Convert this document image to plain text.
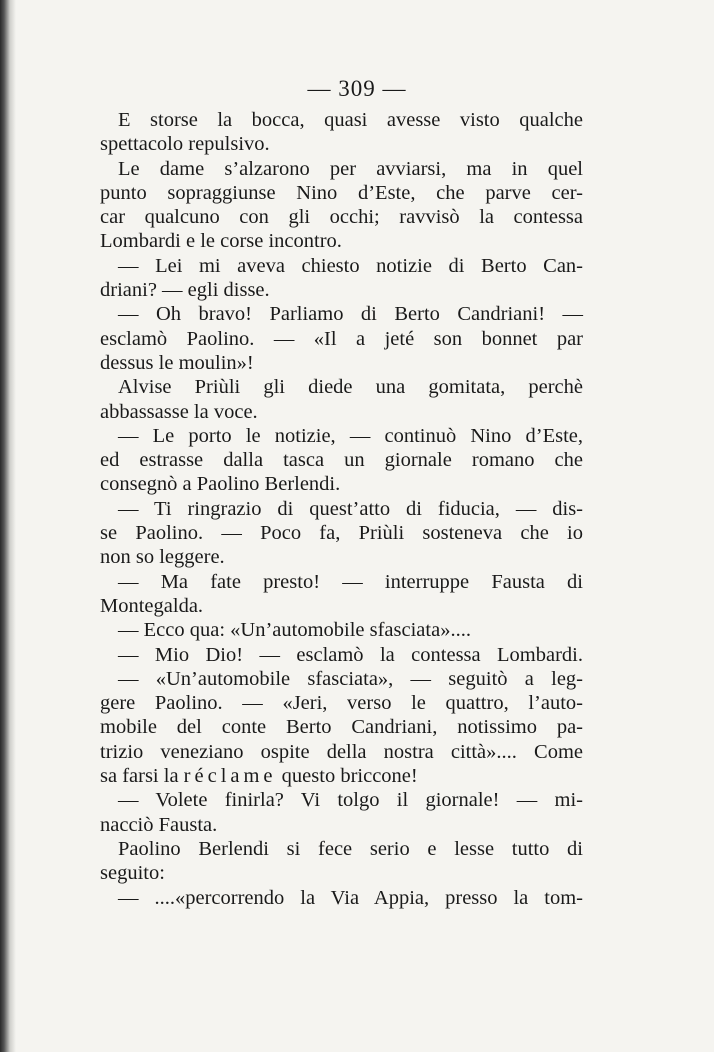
— 309 —
E storse la bocca, quasi avesse visto qualche
spettacolo repulsivo.
Le dame s’alzarono per avviarsi, ma in quel
punto sopraggiunse Nino d’Este, che parve cer-
car qualcuno con gli occhi; ravvisò la contessa
Lombardi e le corse incontro.
— Lei mi aveva chiesto notizie di Berto Can-
driani? — egli disse.
— Oh bravo! Parliamo di Berto Candriani! —
esclamò Paolino. — «Il a jeté son bonnet par
dessus le moulin»!
Alvise Priùli gli diede una gomitata, perchè
abbassasse la voce.
— Le porto le notizie, — continuò Nino d’Este,
ed estrasse dalla tasca un giornale romano che
consegnò a Paolino Berlendi.
— Ti ringrazio di quest’atto di fiducia, — dis-
se Paolino. — Poco fa, Priùli sosteneva che io
non so leggere.
— Ma fate presto! — interruppe Fausta di
Montegalda.
— Ecco qua: «Un’automobile sfasciata»....
— Mio Dio! — esclamò la contessa Lombardi.
— «Un’automobile sfasciata», — seguitò a leg-
gere Paolino. — «Jeri, verso le quattro, l’auto-
mobile del conte Berto Candriani, notissimo pa-
trizio veneziano ospite della nostra città».... Come
sa farsi la réclame questo briccone!
— Volete finirla? Vi tolgo il giornale! — mi-
nacciò Fausta.
Paolino Berlendi si fece serio e lesse tutto di
seguito:
— ....«percorrendo la Via Appia, presso la tom-
